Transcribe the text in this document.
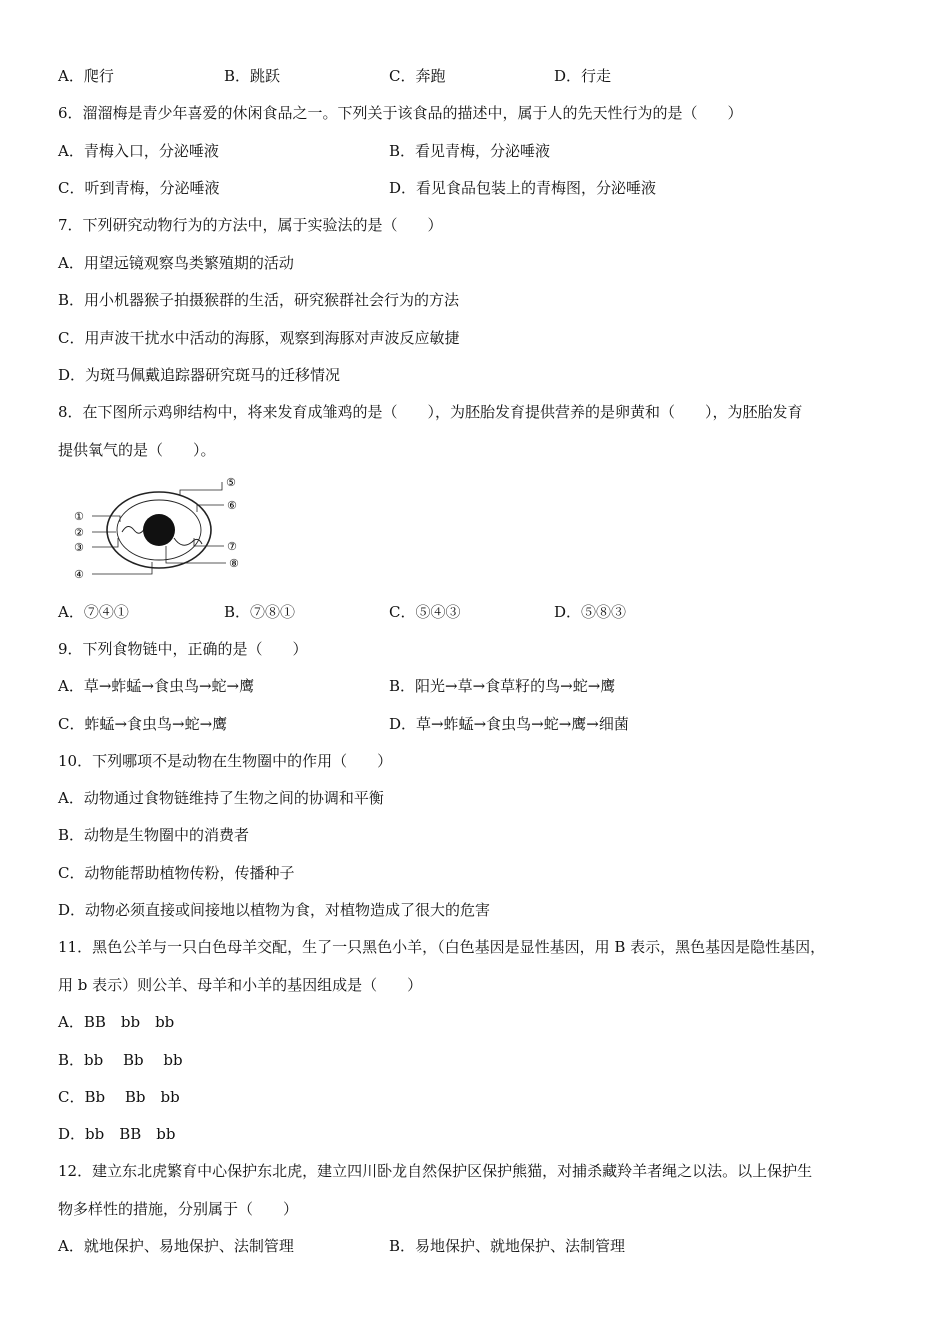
A．爬行	B．跳跃	C．奔跑	D．行走
6．溜溜梅是青少年喜爱的休闲食品之一。下列关于该食品的描述中，属于人的先天性行为的是（　　）
A．青梅入口，分泌唾液	B．看见青梅，分泌唾液
C．听到青梅，分泌唾液	D．看见食品包装上的青梅图，分泌唾液
7．下列研究动物行为的方法中，属于实验法的是（　　）
A．用望远镜观察鸟类繁殖期的活动
B．用小机器猴子拍摄猴群的生活，研究猴群社会行为的方法
C．用声波干扰水中活动的海豚，观察到海豚对声波反应敏捷
D．为斑马佩戴追踪器研究斑马的迁移情况
8．在下图所示鸡卵结构中，将来发育成雏鸡的是（　　），为胚胎发育提供营养的是卵黄和（　　），为胚胎发育
提供氧气的是（　　）。
①
②
③
④
⑤
⑥
⑦
⑧
A．⑦④①	B．⑦⑧①	C．⑤④③	D．⑤⑧③
9．下列食物链中，正确的是（　　）
A．草→蚱蜢→食虫鸟→蛇→鹰	B．阳光→草→食草籽的鸟→蛇→鹰
C．蚱蜢→食虫鸟→蛇→鹰	D．草→蚱蜢→食虫鸟→蛇→鹰→细菌
10．下列哪项不是动物在生物圈中的作用（　　）
A．动物通过食物链维持了生物之间的协调和平衡
B．动物是生物圈中的消费者
C．动物能帮助植物传粉，传播种子
D．动物必须直接或间接地以植物为食，对植物造成了很大的危害
11．黑色公羊与一只白色母羊交配，生了一只黑色小羊，（白色基因是显性基因，用 B 表示，黑色基因是隐性基因，
用 b 表示）则公羊、母羊和小羊的基因组成是（　　）
A．BB　bb　bb
B．bb　 Bb　 bb
C．Bb　 Bb　bb
D．bb　BB　bb
12．建立东北虎繁育中心保护东北虎，建立四川卧龙自然保护区保护熊猫，对捕杀藏羚羊者绳之以法。以上保护生
物多样性的措施，分别属于（　　）
A．就地保护、易地保护、法制管理	B．易地保护、就地保护、法制管理
